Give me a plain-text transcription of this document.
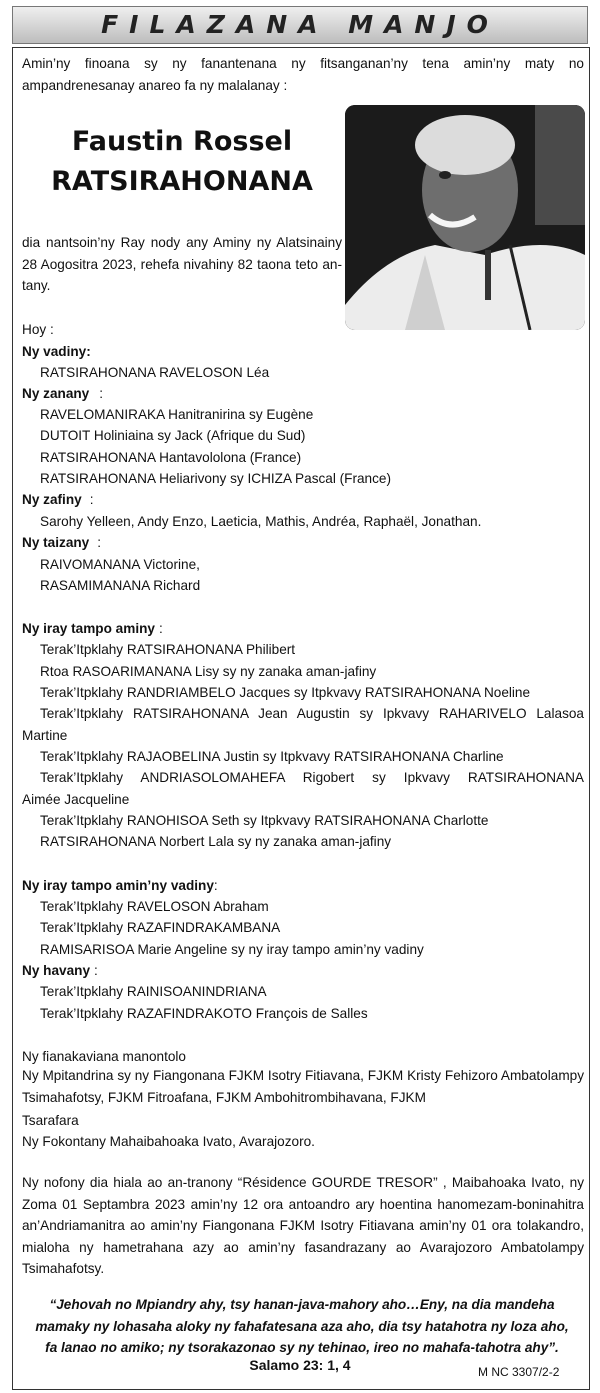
FILAZANA MANJO
Amin’ny finoana sy ny fanantenana ny fitsanganan’ny tena amin’ny maty no ampandrenesanay anareo fa ny malalanay :
Faustin Rossel
RATSIRAHONANA
dia nantsoin’ny Ray nody any Aminy ny Alatsinainy 28 Aogositra 2023, rehefa nivahiny 82 taona teto an-tany.
Hoy :
Ny vadiny:
RATSIRAHONANA RAVELOSON Léa
Ny zanany :
RAVELOMANIRAKA Hanitranirina sy Eugène
DUTOIT Holiniaina sy Jack (Afrique du Sud)
RATSIRAHONANA Hantavololona (France)
RATSIRAHONANA Heliarivony sy ICHIZA Pascal (France)
Ny zafiny :
Sarohy Yelleen, Andy Enzo, Laeticia, Mathis, Andréa, Raphaël, Jonathan.
Ny taizany :
RAIVOMANANA Victorine,
RASAMIMANANA Richard
Ny iray tampo aminy :
Terak’Itpklahy RATSIRAHONANA Philibert
Rtoa RASOARIMANANA Lisy sy ny zanaka aman-jafiny
Terak’Itpklahy RANDRIAMBELO Jacques sy Itpkvavy RATSIRAHONANA Noeline
Terak’Itpklahy RATSIRAHONANA Jean Augustin sy Ipkvavy RAHARIVELO Lalasoa
Martine
Terak’Itpklahy RAJAOBELINA Justin sy Itpkvavy RATSIRAHONANA Charline
Terak’Itpklahy ANDRIASOLOMAHEFA Rigobert sy Ipkvavy RATSIRAHONANA
Aimée Jacqueline
Terak’Itpklahy RANOHISOA Seth sy Itpkvavy RATSIRAHONANA Charlotte
RATSIRAHONANA Norbert Lala sy ny zanaka aman-jafiny
Ny iray tampo amin’ny vadiny:
Terak’Itpklahy RAVELOSON Abraham
Terak’Itpklahy RAZAFINDRAKAMBANA
RAMISARISOA Marie Angeline sy ny iray tampo amin’ny vadiny
Ny havany :
Terak’Itpklahy RAINISOANINDRIANA
Terak’Itpklahy RAZAFINDRAKOTO François de Salles
Ny fianakaviana manontolo
Ny Mpitandrina sy ny Fiangonana FJKM Isotry Fitiavana, FJKM Kristy Fehizoro Ambatolampy Tsimahafotsy, FJKM Fitroafana, FJKM Ambohitrombihavana, FJKM
Tsarafara
Ny Fokontany Mahaibahoaka Ivato, Avarajozoro.
Ny nofony dia hiala ao an-tranony “Résidence GOURDE TRESOR” , Maibahoaka Ivato, ny Zoma 01 Septambra 2023 amin’ny 12 ora antoandro ary hoentina hanomezam-boninahitra an’Andriamanitra ao amin’ny Fiangonana FJKM Isotry Fitiavana amin’ny 01 ora tolakandro, mialoha ny hametrahana azy ao amin’ny fasandrazany ao Avarajozoro Ambatolampy Tsimahafotsy.
“Jehovah no Mpiandry ahy, tsy hanan-java-mahory aho…Eny, na dia mandeha
mamaky ny lohasaha aloky ny fahafatesana aza aho, dia tsy hatahotra ny loza aho,
fa lanao no amiko; ny tsorakazonao sy ny tehinao, ireo no mahafa-tahotra ahy”.
Salamo 23: 1, 4	M NC 3307/2-2
